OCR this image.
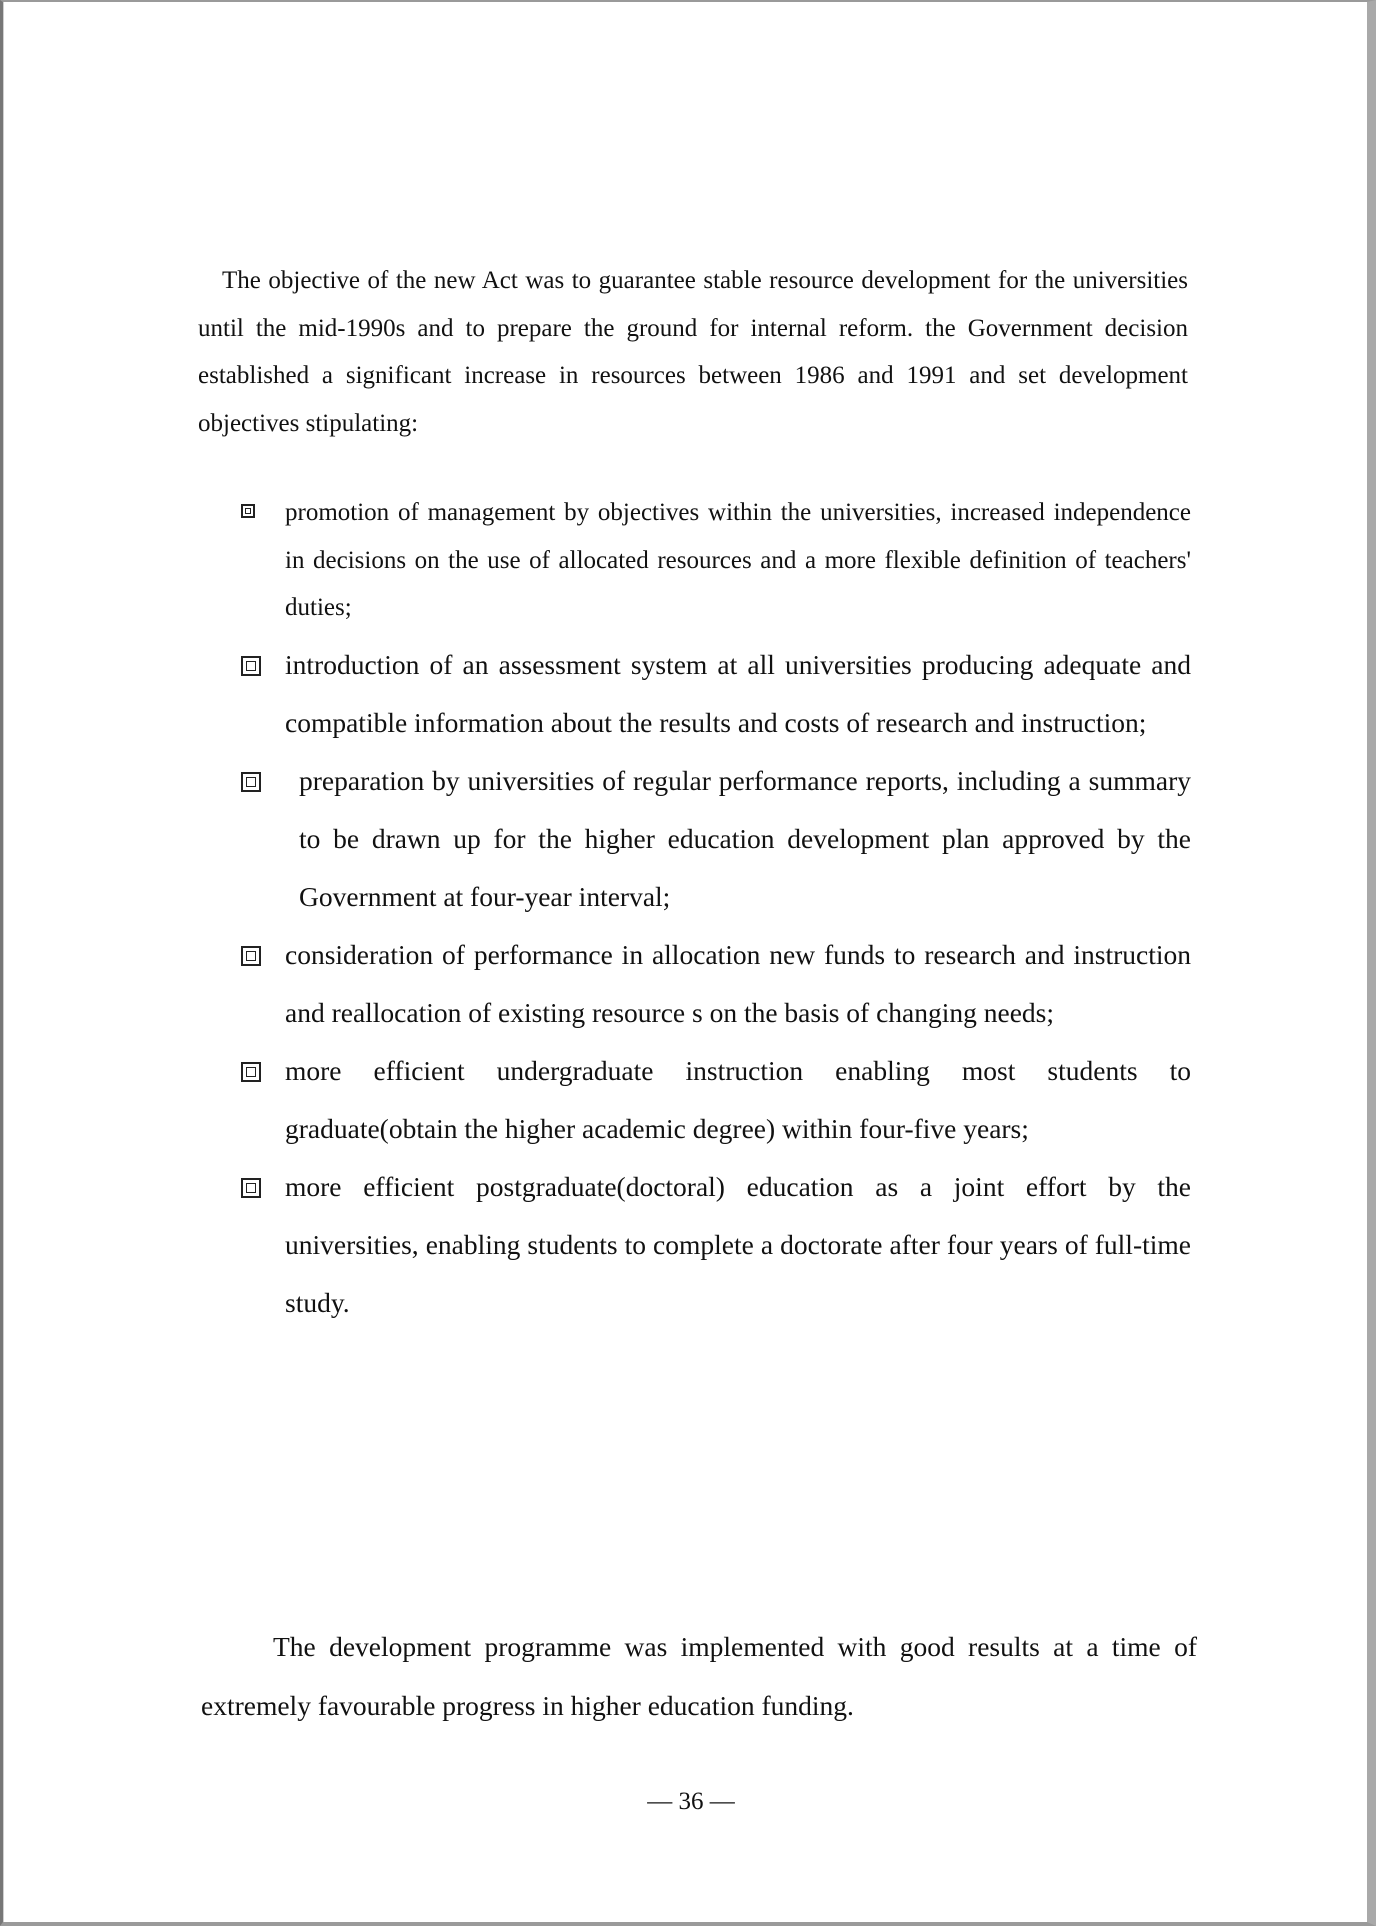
The objective of the new Act was to guarantee stable resource development for the universities until the mid-1990s and to prepare the ground for internal reform. the Government decision established a significant increase in resources between 1986 and 1991 and set development objectives stipulating:

promotion of management by objectives within the universities, increased independence in decisions on the use of allocated resources and a more flexible definition of teachers' duties;
introduction of an assessment system at all universities producing adequate and compatible information about the results and costs of research and instruction;
preparation by universities of regular performance reports, including a summary to be drawn up for the higher education development plan approved by the Government at four-year interval;
consideration of performance in allocation new funds to research and instruction and reallocation of existing resource s on the basis of changing needs;
more efficient undergraduate instruction enabling most students to graduate(obtain the higher academic degree) within four-five years;
more efficient postgraduate(doctoral) education as a joint effort by the universities, enabling students to complete a doctorate after four years of full-time study.

The development programme was implemented with good results at a time of extremely favourable progress in higher education funding.

— 36 —
